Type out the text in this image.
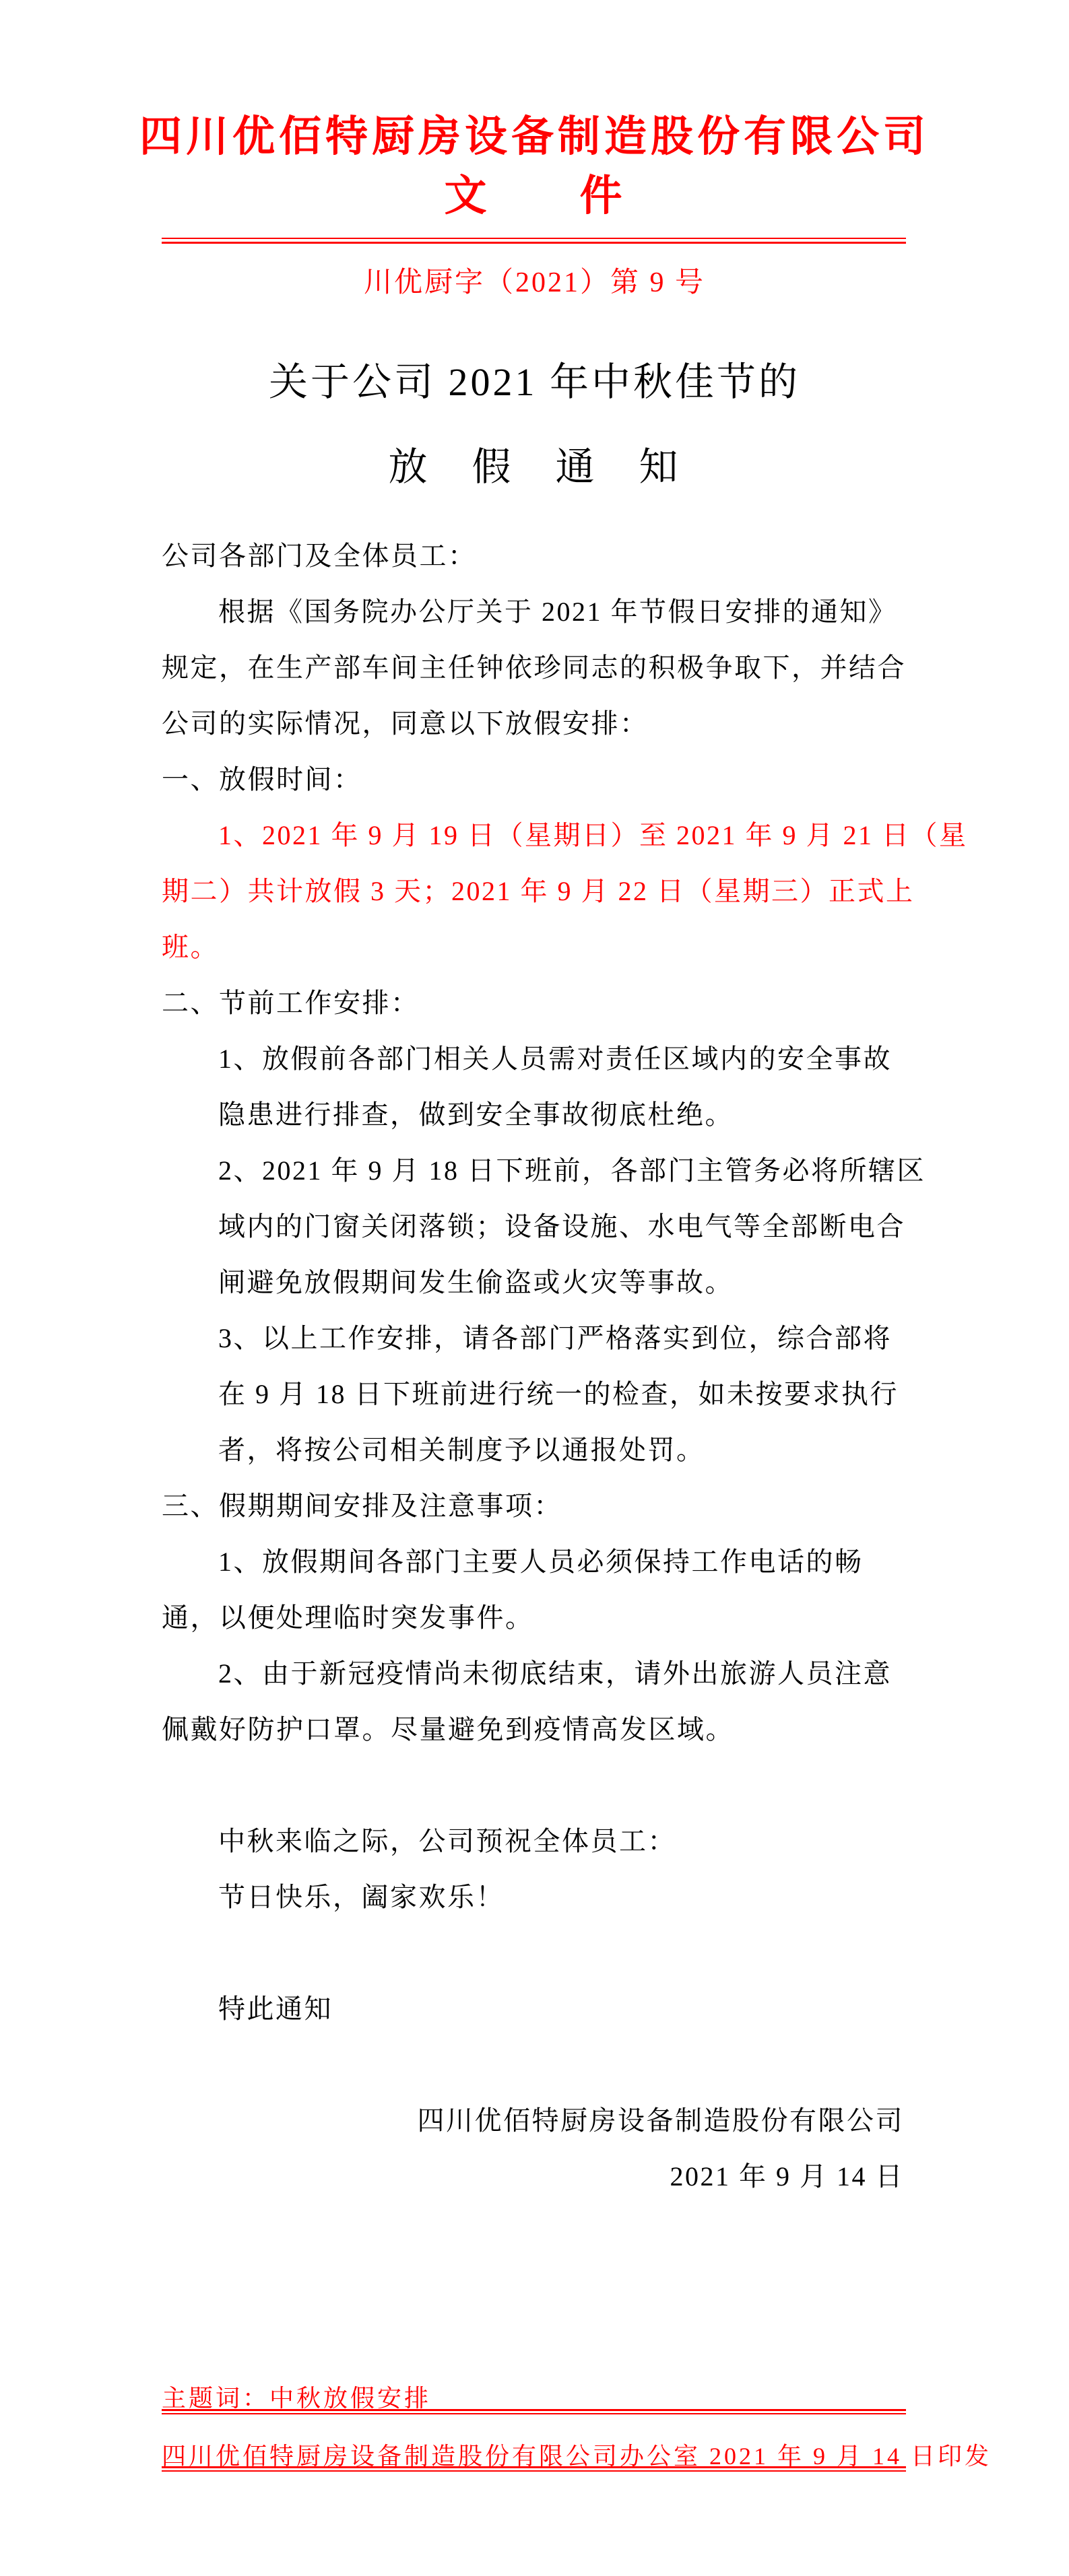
四川优佰特厨房设备制造股份有限公司
文　　件
川优厨字（2021）第 9 号
关于公司 2021 年中秋佳节的
放　假　通　知
公司各部门及全体员工：
根据《国务院办公厅关于 2021 年节假日安排的通知》
规定，在生产部车间主任钟依珍同志的积极争取下，并结合
公司的实际情况，同意以下放假安排：
一、放假时间：
1、2021 年 9 月 19 日（星期日）至 2021 年 9 月 21 日（星
期二）共计放假 3 天；2021 年 9 月 22 日（星期三）正式上
班。
二、节前工作安排：
1、放假前各部门相关人员需对责任区域内的安全事故
隐患进行排查，做到安全事故彻底杜绝。
2、2021 年 9 月 18 日下班前，各部门主管务必将所辖区
域内的门窗关闭落锁；设备设施、水电气等全部断电合
闸避免放假期间发生偷盗或火灾等事故。
3、以上工作安排，请各部门严格落实到位，综合部将
在 9 月 18 日下班前进行统一的检查，如未按要求执行
者，将按公司相关制度予以通报处罚。
三、假期期间安排及注意事项：
1、放假期间各部门主要人员必须保持工作电话的畅
通，以便处理临时突发事件。
2、由于新冠疫情尚未彻底结束，请外出旅游人员注意
佩戴好防护口罩。尽量避免到疫情高发区域。
中秋来临之际，公司预祝全体员工：
节日快乐，阖家欢乐！
特此通知
四川优佰特厨房设备制造股份有限公司
2021 年 9 月 14 日
主题词：中秋放假安排
四川优佰特厨房设备制造股份有限公司办公室 2021 年 9 月 14 日印发
